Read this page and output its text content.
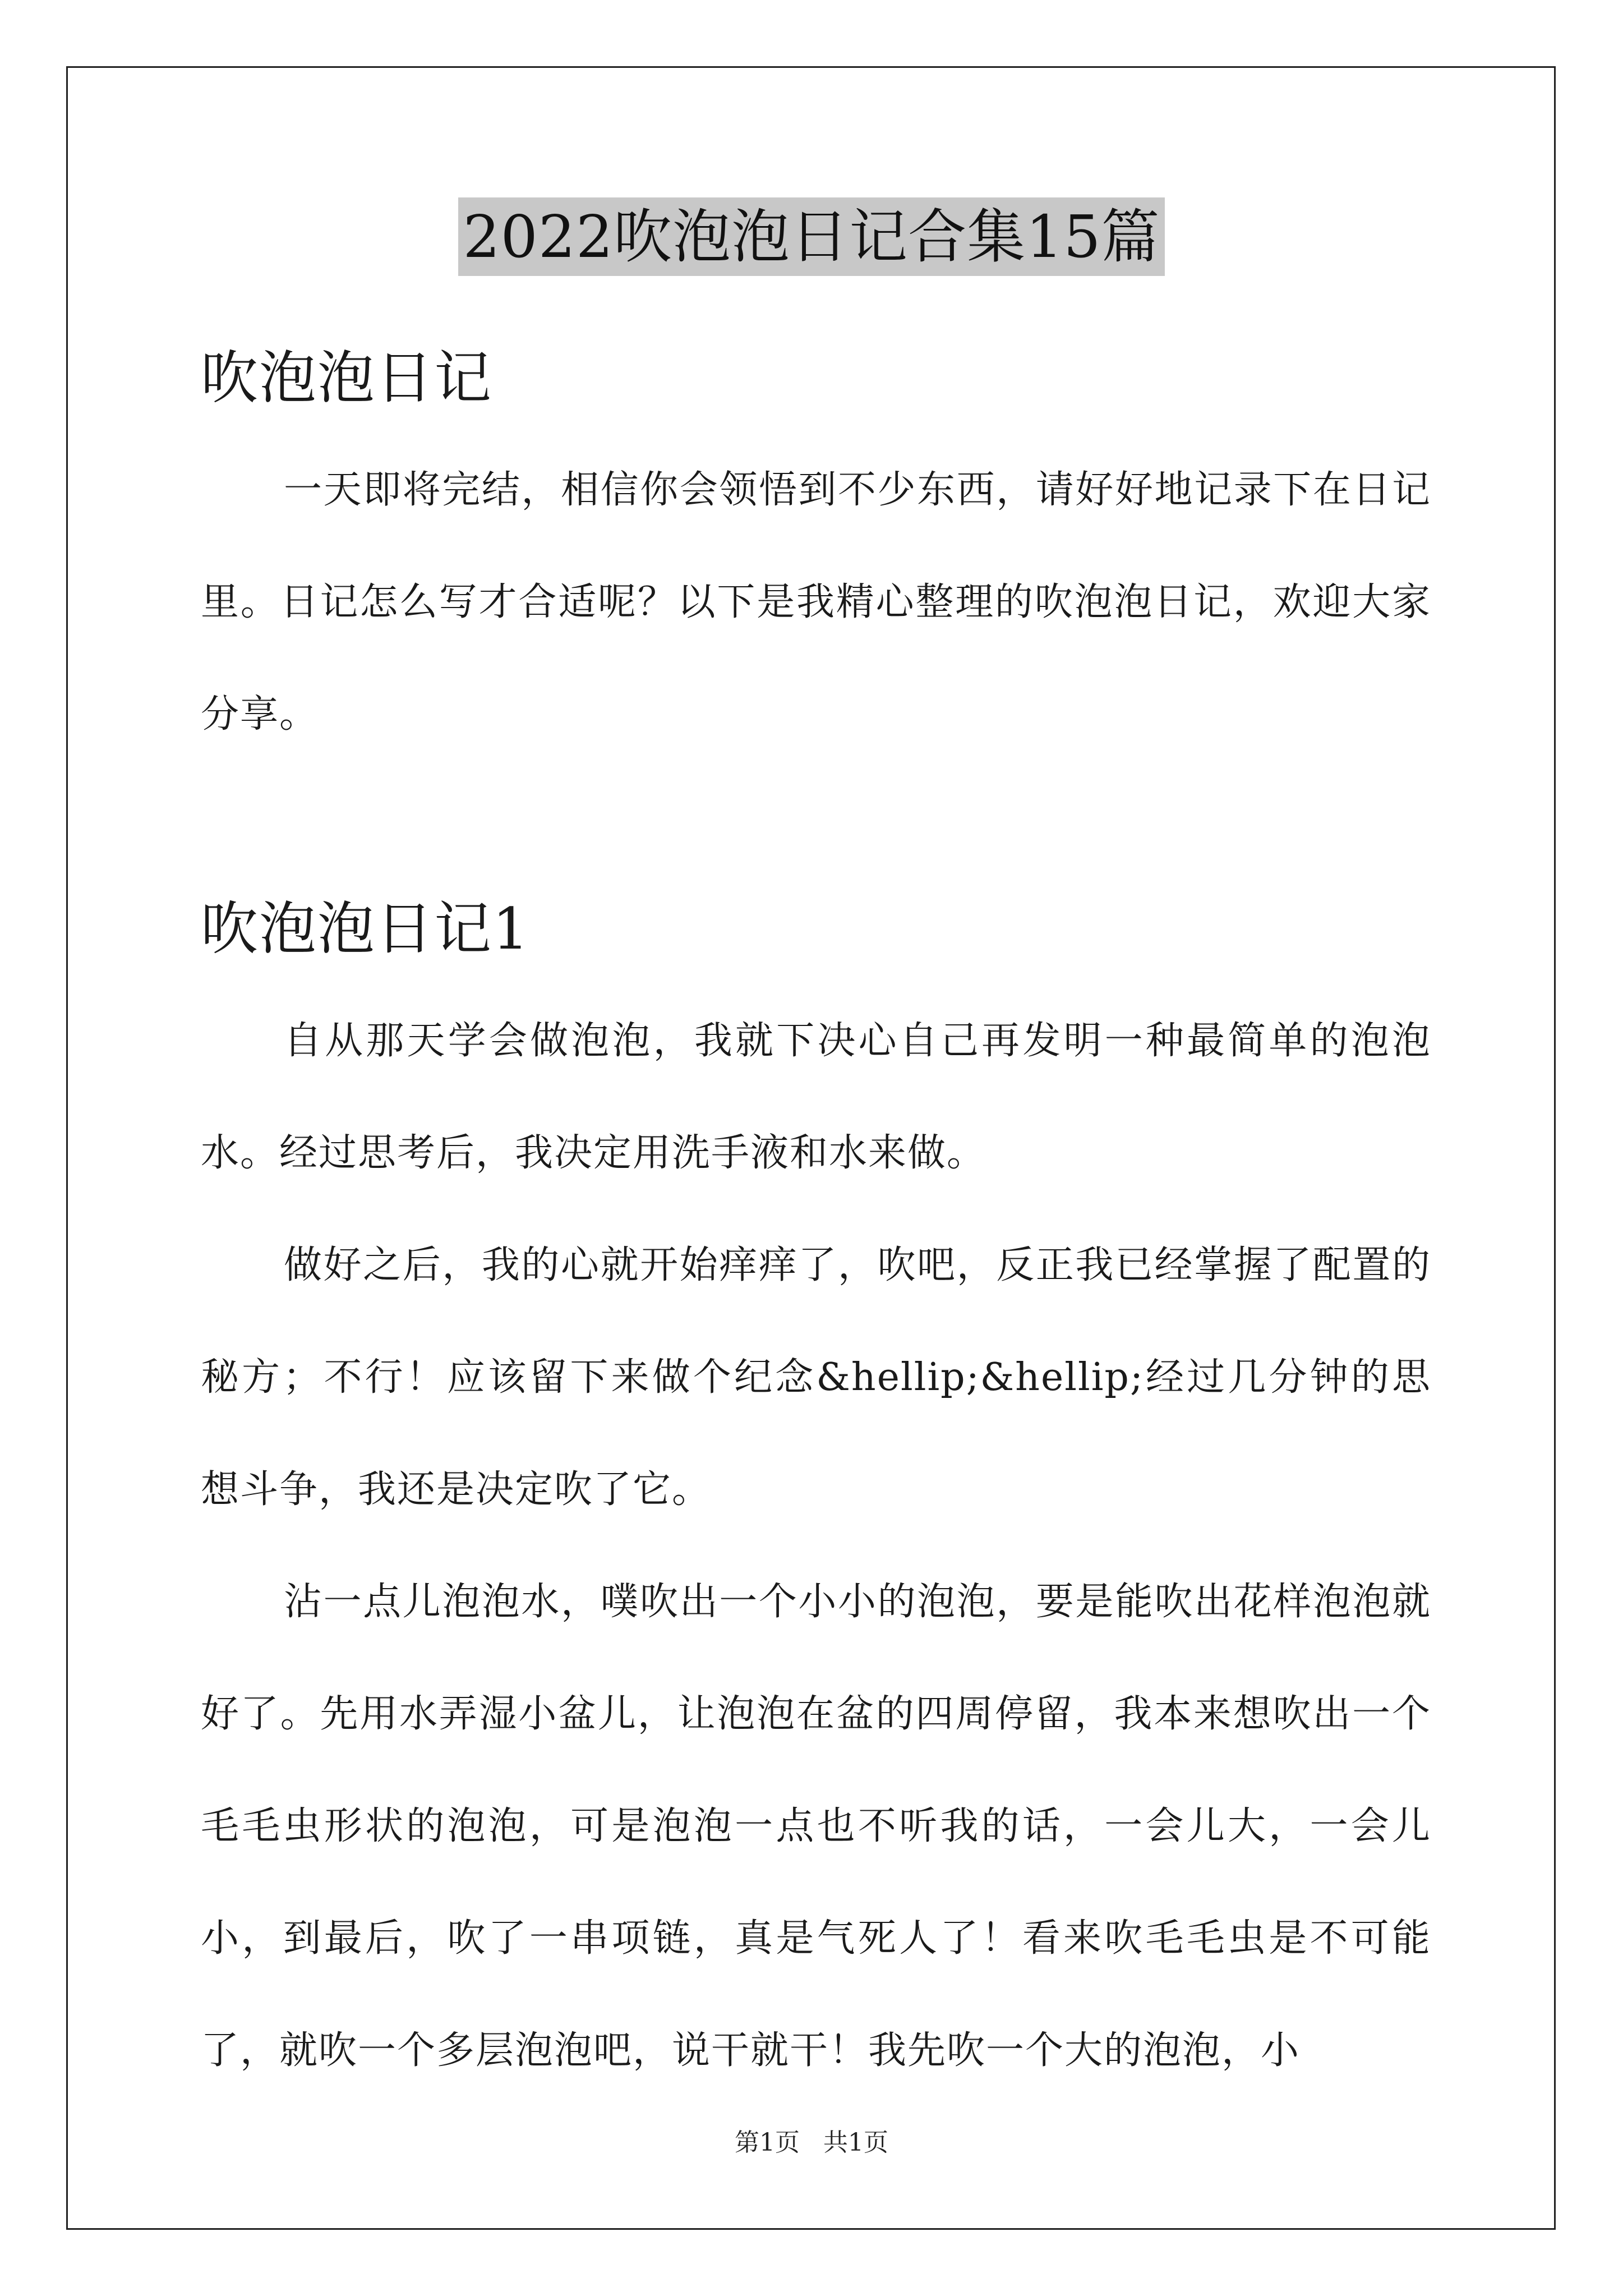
2022吹泡泡日记合集15篇
吹泡泡日记

一天即将完结，相信你会领悟到不少东西，请好好地记录下在日记里。日记怎么写才合适呢？以下是我精心整理的吹泡泡日记，欢迎大家分享。

吹泡泡日记1

自从那天学会做泡泡，我就下决心自己再发明一种最简单的泡泡水。经过思考后，我决定用洗手液和水来做。

做好之后，我的心就开始痒痒了，吹吧，反正我已经掌握了配置的秘方；不行！应该留下来做个纪念&hellip;&hellip;经过几分钟的思想斗争，我还是决定吹了它。

沾一点儿泡泡水，噗吹出一个小小的泡泡，要是能吹出花样泡泡就好了。先用水弄湿小盆儿，让泡泡在盆的四周停留，我本来想吹出一个毛毛虫形状的泡泡，可是泡泡一点也不听我的话，一会儿大，一会儿小，到最后，吹了一串项链，真是气死人了！看来吹毛毛虫是不可能了，就吹一个多层泡泡吧，说干就干！我先吹一个大的泡泡，小

第1页 共1页
